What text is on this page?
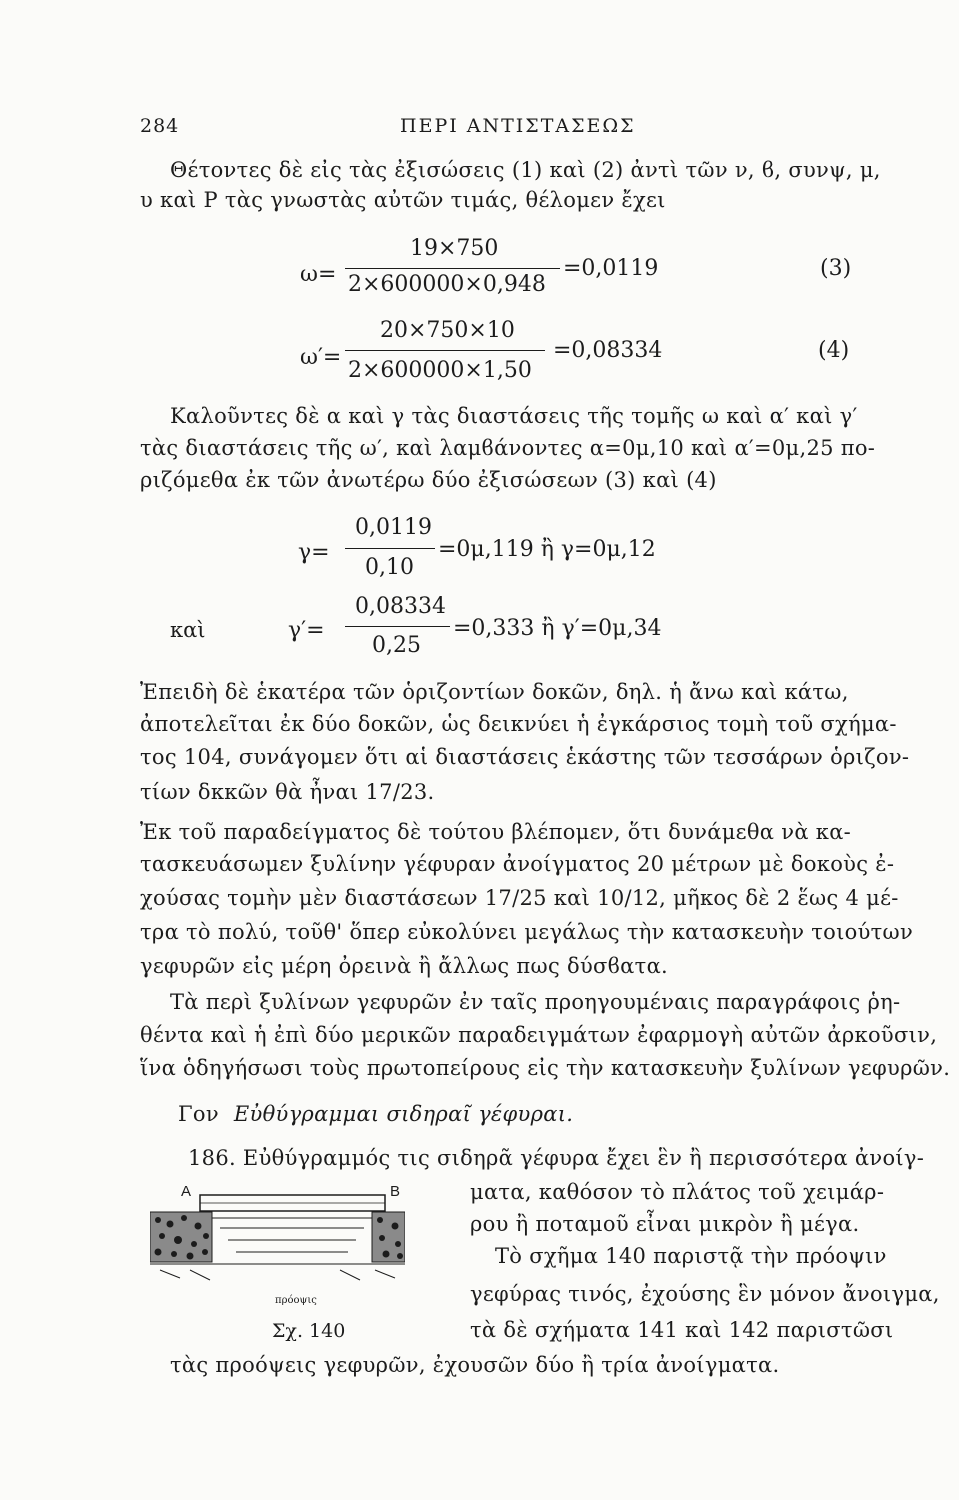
284	ΠΕΡΙ ΑΝΤΙΣΤΑΣΕΩΣ
Θέτοντες δὲ εἰς τὰς ἐξισώσεις (1) καὶ (2) ἀντὶ τῶν ν, ϐ, συνψ, μ,
υ καὶ P τὰς γνωστὰς αὐτῶν τιμάς, θέλομεν ἔχει
ω=
19×750
2×600000×0,948
=0,0119	(3)
ω′=
20×750×10
2×600000×1,50
=0,08334	(4)
Καλοῦντες δὲ α καὶ γ τὰς διαστάσεις τῆς τομῆς ω καὶ α′ καὶ γ′
τὰς διαστάσεις τῆς ω′, καὶ λαμϐάνοντες α=0μ,10 καὶ α′=0μ,25 πο-
ριζόμεθα ἐκ τῶν ἀνωτέρω δύο ἐξισώσεων (3) καὶ (4)
γ=
0,0119
0,10
=0μ,119 ἢ γ=0μ,12
καὶ	γ′=
0,08334
0,25
=0,333 ἢ γ′=0μ,34
Ἐπειδὴ δὲ ἑκατέρα τῶν ὁριζοντίων δοκῶν, δηλ. ἡ ἄνω καὶ κάτω,
ἀποτελεῖται ἐκ δύο δοκῶν, ὡς δεικνύει ἡ ἐγκάρσιος τομὴ τοῦ σχήμα-
τος 104, συνάγομεν ὅτι αἱ διαστάσεις ἑκάστης τῶν τεσσάρων ὁριζον-
τίων δκκῶν θὰ ἦναι 17/23.
Ἐκ τοῦ παραδείγματος δὲ τούτου βλέπομεν, ὅτι δυνάμεθα νὰ κα-
τασκευάσωμεν ξυλίνην γέφυραν ἀνοίγματος 20 μέτρων μὲ δοκοὺς ἐ-
χούσας τομὴν μὲν διαστάσεων 17/25 καὶ 10/12, μῆκος δὲ 2 ἕως 4 μέ-
τρα τὸ πολύ, τοῦθ' ὅπερ εὐκολύνει μεγάλως τὴν κατασκευὴν τοιούτων
γεφυρῶν εἰς μέρη ὀρεινὰ ἢ ἄλλως πως δύσϐατα.
Τὰ περὶ ξυλίνων γεφυρῶν ἐν ταῖς προηγουμέναις παραγράφοις ῥη-
θέντα καὶ ἡ ἐπὶ δύο μερικῶν παραδειγμάτων ἐφαρμογὴ αὐτῶν ἀρκοῦσιν,
ἵνα ὁδηγήσωσι τοὺς πρωτοπείρους εἰς τὴν κατασκευὴν ξυλίνων γεφυρῶν.
Γον Εὐθύγραμμαι σιδηραῖ γέφυραι.
186. Εὐθύγραμμός τις σιδηρᾶ γέφυρα ἔχει ἓν ἢ περισσότερα ἀνοίγ-
ματα, καθόσον τὸ πλάτος τοῦ χειμάρ-
ρου ἢ ποταμοῦ εἶναι μικρὸν ἢ μέγα.
Τὸ σχῆμα 140 παριστᾷ τὴν πρόοψιν
γεφύρας τινός, ἐχούσης ἓν μόνον ἄνοιγμα,
τὰ δὲ σχήματα 141 καὶ 142 παριστῶσι
τὰς προόψεις γεφυρῶν, ἐχουσῶν δύο ἢ τρία ἀνοίγματα.
A	B
πρόοψις
Σχ. 140
